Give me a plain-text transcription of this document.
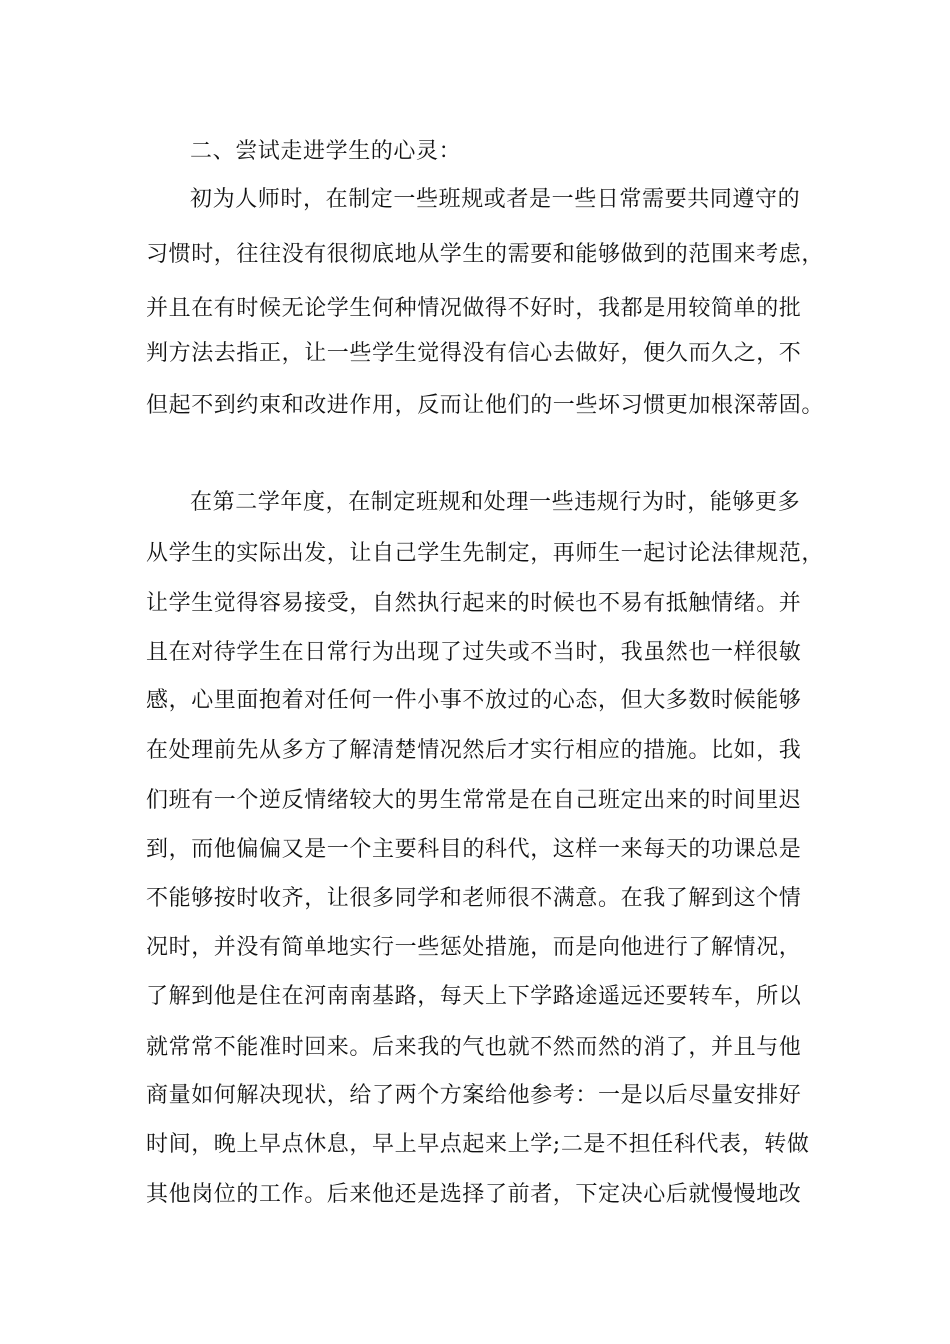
二、尝试走进学生的心灵：
初为人师时，在制定一些班规或者是一些日常需要共同遵守的
习惯时，往往没有很彻底地从学生的需要和能够做到的范围来考虑，
并且在有时候无论学生何种情况做得不好时，我都是用较简单的批
判方法去指正，让一些学生觉得没有信心去做好，便久而久之，不
但起不到约束和改进作用，反而让他们的一些坏习惯更加根深蒂固。
在第二学年度，在制定班规和处理一些违规行为时，能够更多
从学生的实际出发，让自己学生先制定，再师生一起讨论法律规范，
让学生觉得容易接受，自然执行起来的时候也不易有抵触情绪。并
且在对待学生在日常行为出现了过失或不当时，我虽然也一样很敏
感，心里面抱着对任何一件小事不放过的心态，但大多数时候能够
在处理前先从多方了解清楚情况然后才实行相应的措施。比如，我
们班有一个逆反情绪较大的男生常常是在自己班定出来的时间里迟
到，而他偏偏又是一个主要科目的科代，这样一来每天的功课总是
不能够按时收齐，让很多同学和老师很不满意。在我了解到这个情
况时，并没有简单地实行一些惩处措施，而是向他进行了解情况，
了解到他是住在河南南基路，每天上下学路途遥远还要转车，所以
就常常不能准时回来。后来我的气也就不然而然的消了，并且与他
商量如何解决现状，给了两个方案给他参考：一是以后尽量安排好
时间，晚上早点休息，早上早点起来上学;二是不担任科代表，转做
其他岗位的工作。后来他还是选择了前者，下定决心后就慢慢地改
